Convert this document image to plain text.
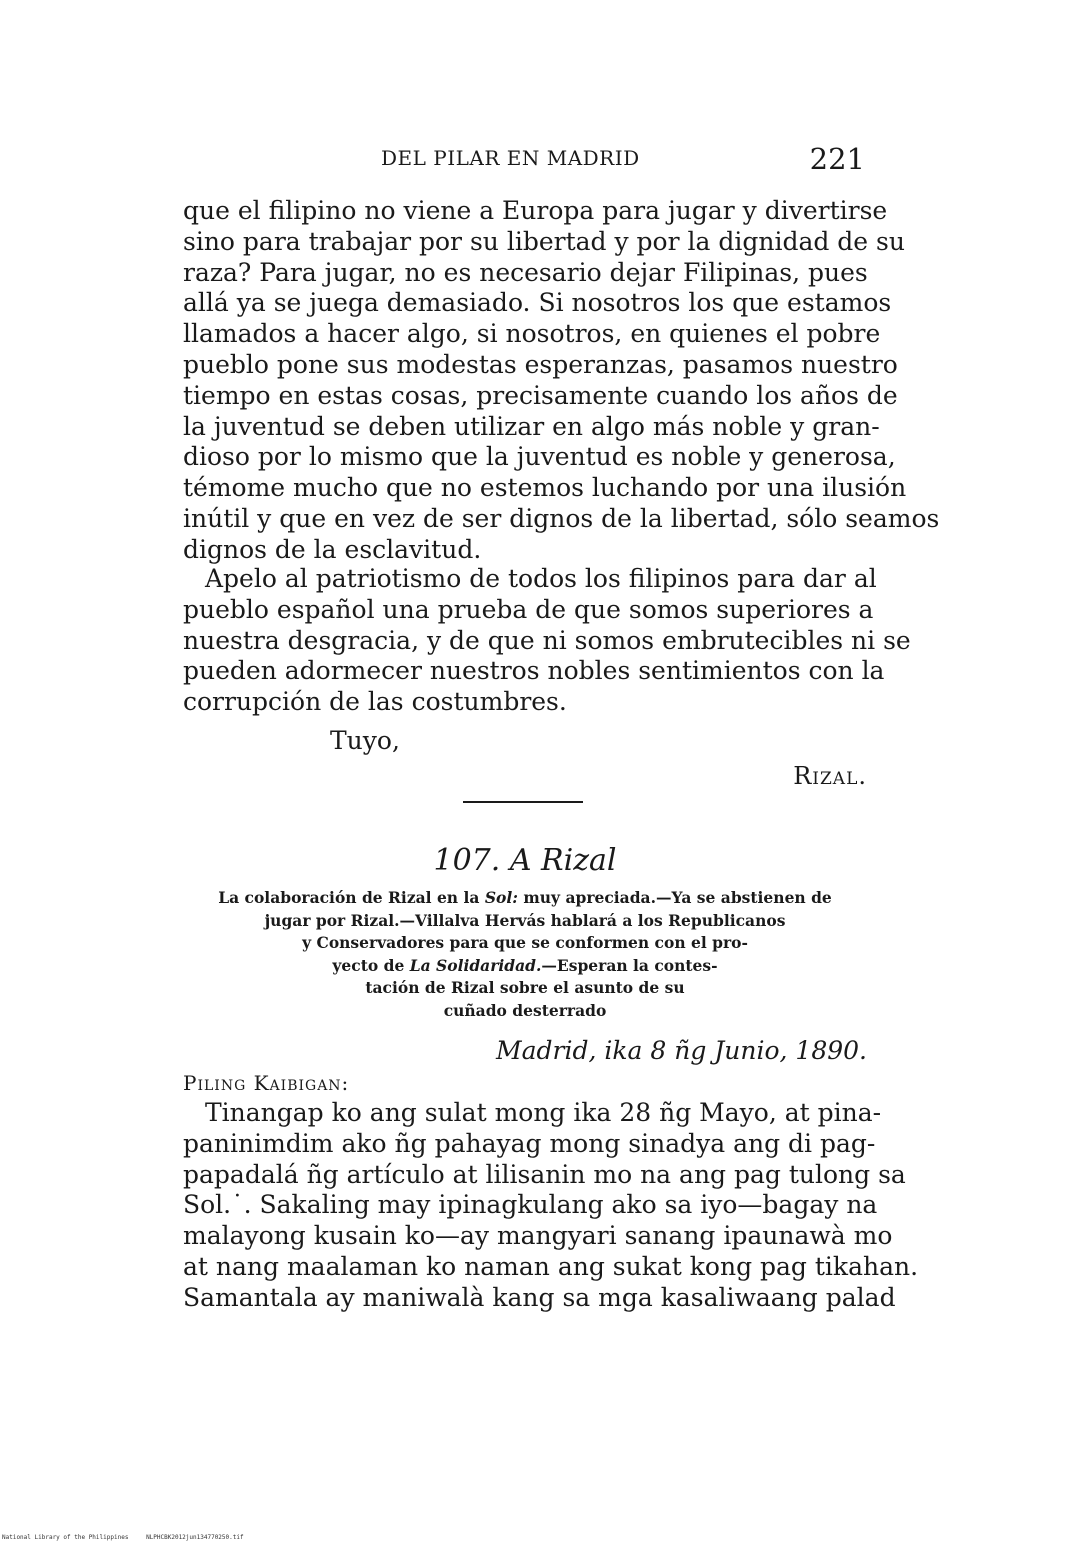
DEL PILAR EN MADRID	221
que el filipino no viene a Europa para jugar y divertirse
sino para trabajar por su libertad y por la dignidad de su
raza? Para jugar, no es necesario dejar Filipinas, pues
allá ya se juega demasiado. Si nosotros los que estamos
llamados a hacer algo, si nosotros, en quienes el pobre
pueblo pone sus modestas esperanzas, pasamos nuestro
tiempo en estas cosas, precisamente cuando los años de
la juventud se deben utilizar en algo más noble y gran-
dioso por lo mismo que la juventud es noble y generosa,
témome mucho que no estemos luchando por una ilusión
inútil y que en vez de ser dignos de la libertad, sólo seamos
dignos de la esclavitud.
Apelo al patriotismo de todos los filipinos para dar al
pueblo español una prueba de que somos superiores a
nuestra desgracia, y de que ni somos embrutecibles ni se
pueden adormecer nuestros nobles sentimientos con la
corrupción de las costumbres.
Tuyo,
Rizal.
107. A Rizal
La colaboración de Rizal en la Sol: muy apreciada.—Ya se abstienen de
jugar por Rizal.—Villalva Hervás hablará a los Republicanos
y Conservadores para que se conformen con el pro-
yecto de La Solidaridad.—Esperan la contes-
tación de Rizal sobre el asunto de su
cuñado desterrado
Madrid, ika 8 ñg Junio, 1890.
Piling Kaibigan:
Tinangap ko ang sulat mong ika 28 ñg Mayo, at pina-
paninimdim ako ñg pahayag mong sinadya ang di pag-
papadalá ñg artículo at lilisanin mo na ang pag tulong sa
Sol.˙. Sakaling may ipinagkulang ako sa iyo—bagay na
malayong kusain ko—ay mangyari sanang ipaunawà mo
at nang maalaman ko naman ang sukat kong pag tikahan.
Samantala ay maniwalà kang sa mga kasaliwaang palad
National Library of the Philippines	NLPHCBK2012jun134770250.tif
